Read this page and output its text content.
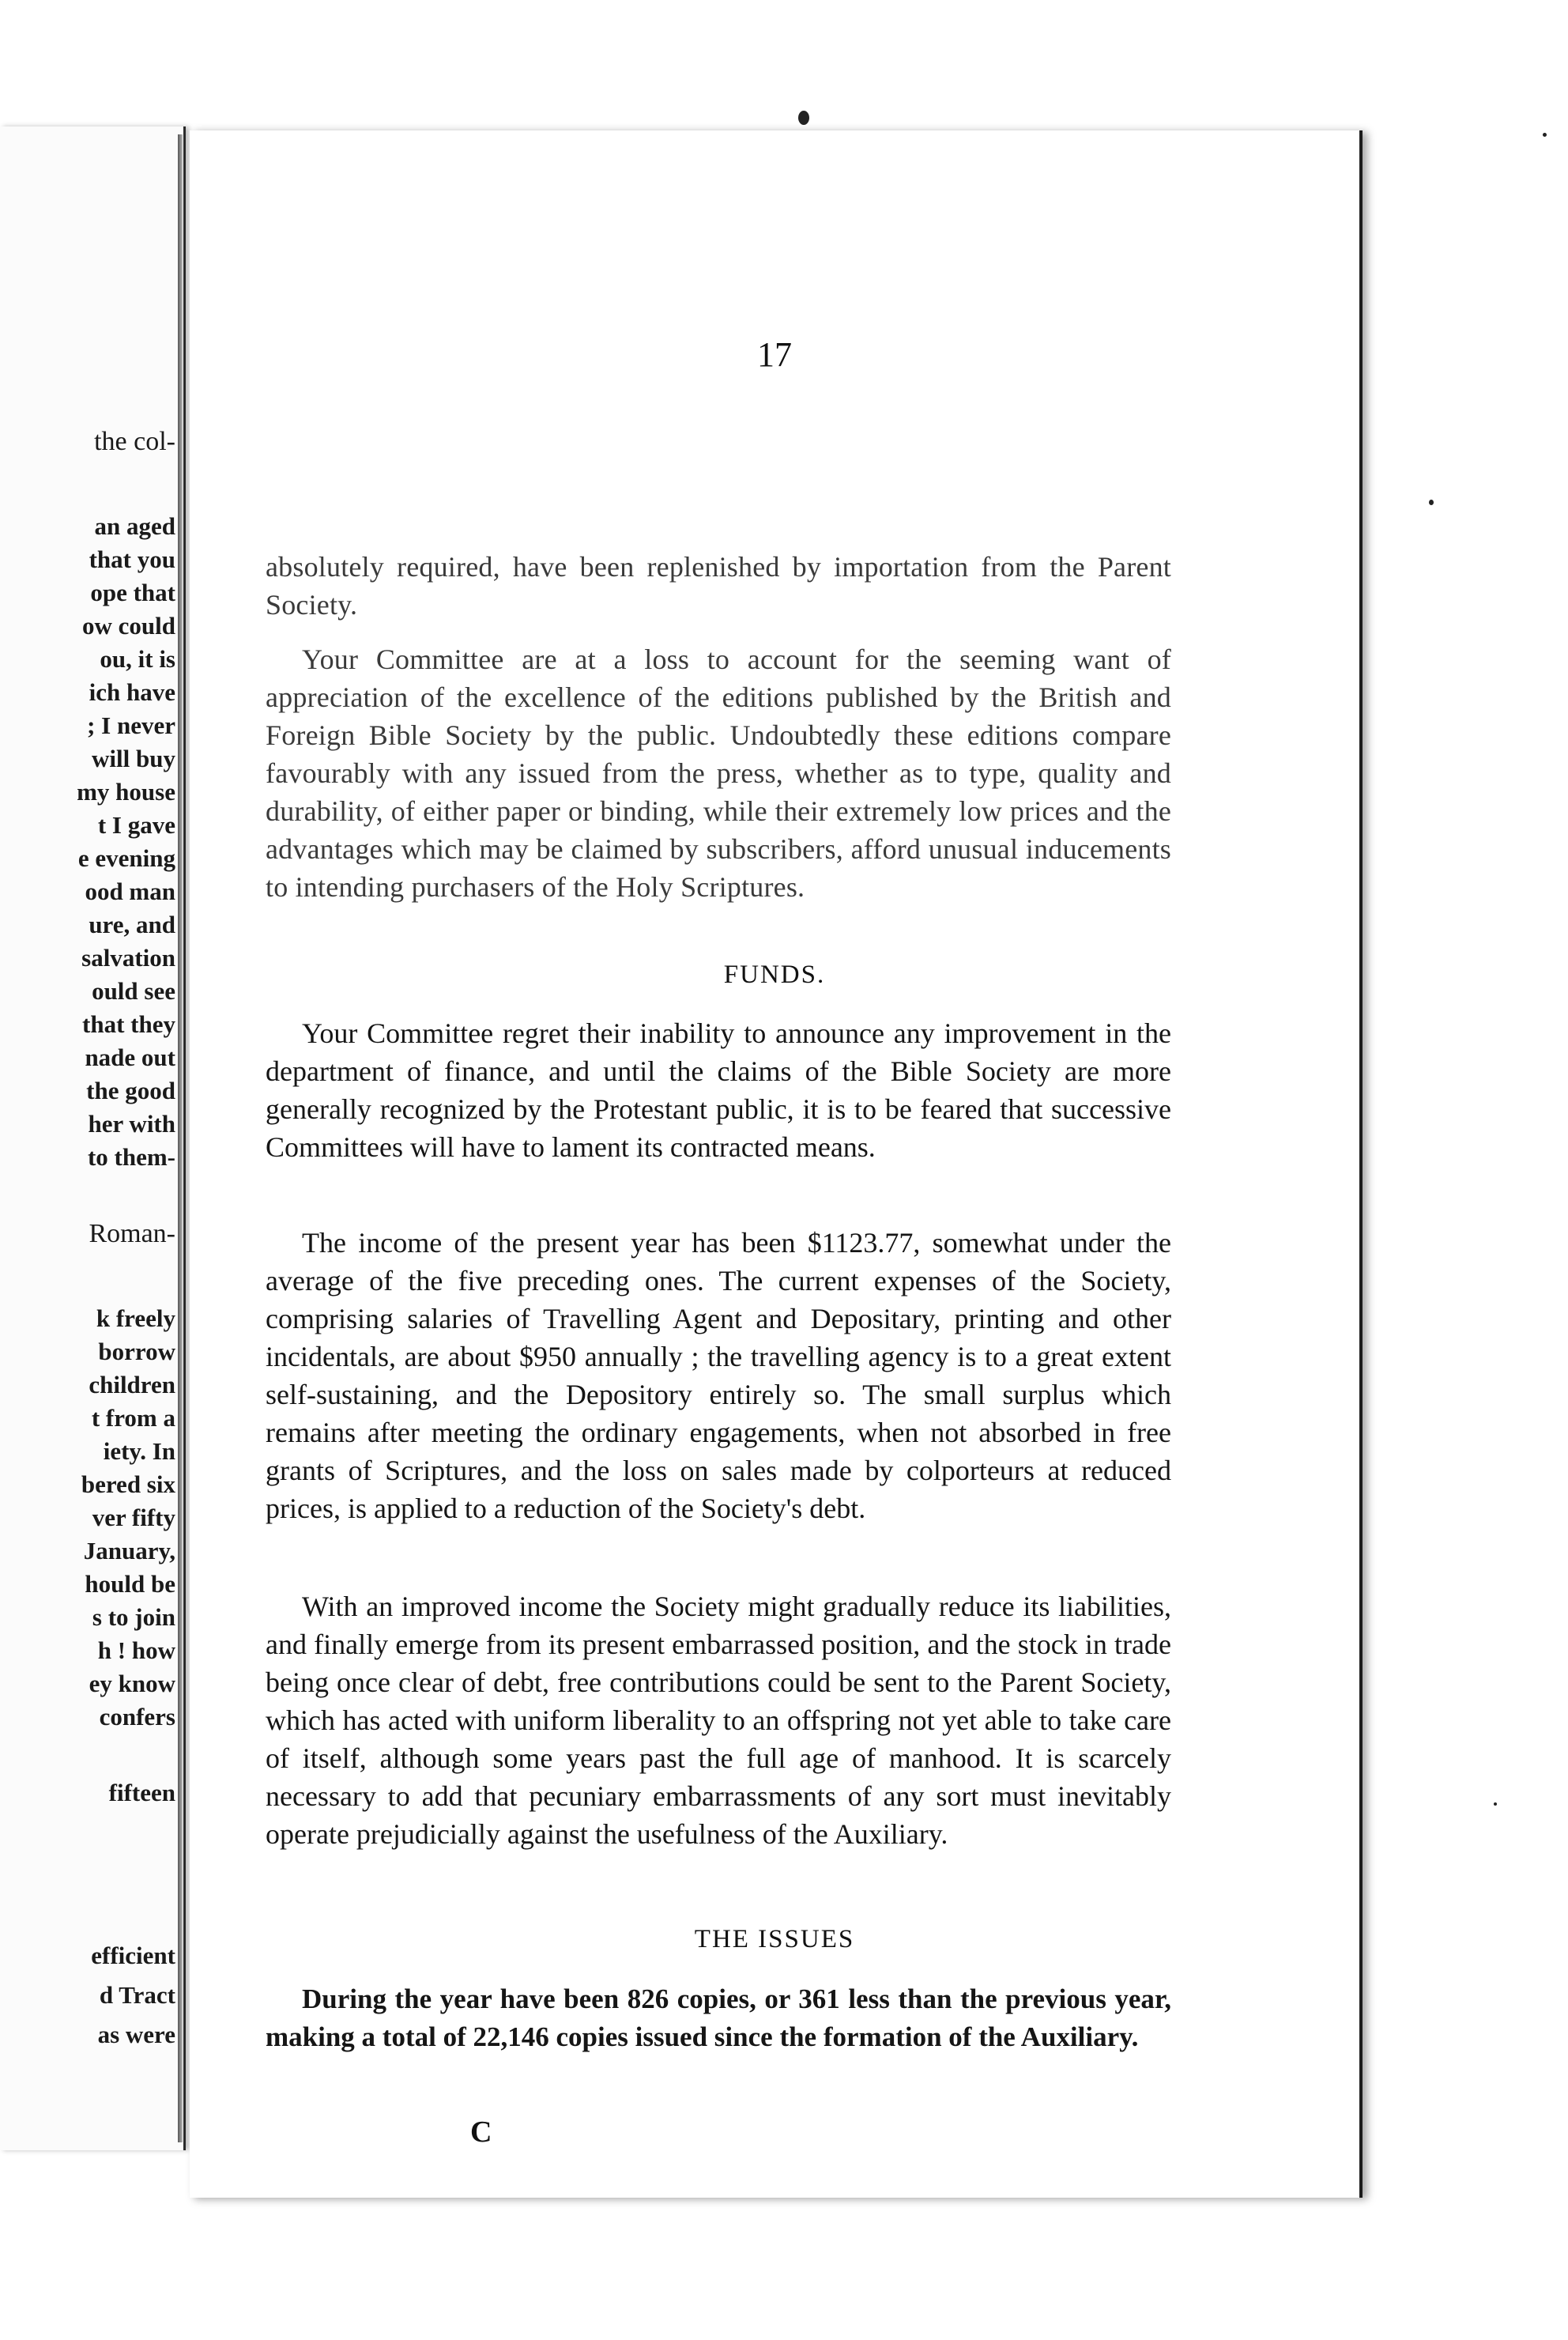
the col-

an aged

that you

ope that

ow could

ou, it is

ich have

; I never

will buy

my house

t I gave

e evening

ood man

ure, and

salvation

ould see

that they

nade out

the good

her with

to them-

Roman-

k freely

borrow

children

t from a

iety. In

bered six

ver fifty

January,

hould be

s to join

h ! how

ey know

confers

fifteen

efficient

d Tract

as were

17

absolutely required, have been replenished by importation from the Parent Society.

Your Committee are at a loss to account for the seeming want of appreciation of the excellence of the editions published by the British and Foreign Bible Society by the public. Undoubtedly these editions compare favourably with any issued from the press, whether as to type, quality and durability, of either paper or binding, while their extremely low prices and the advantages which may be claimed by subscribers, afford unusual inducements to intending purchasers of the Holy Scriptures.

FUNDS.

Your Committee regret their inability to announce any improvement in the department of finance, and until the claims of the Bible Society are more generally recognized by the Protestant public, it is to be feared that successive Committees will have to lament its contracted means.

The income of the present year has been $1123.77, somewhat under the average of the five preceding ones. The current expenses of the Society, comprising salaries of Travelling Agent and Depositary, printing and other incidentals, are about $950 annually ; the travelling agency is to a great extent self-sustaining, and the Depository entirely so. The small surplus which remains after meeting the ordinary engagements, when not absorbed in free grants of Scriptures, and the loss on sales made by colporteurs at reduced prices, is applied to a reduction of the Society's debt.

With an improved income the Society might gradually reduce its liabilities, and finally emerge from its present embarrassed position, and the stock in trade being once clear of debt, free contributions could be sent to the Parent Society, which has acted with uniform liberality to an offspring not yet able to take care of itself, although some years past the full age of manhood. It is scarcely necessary to add that pecuniary embarrassments of any sort must inevitably operate prejudicially against the usefulness of the Auxiliary.

THE ISSUES

During the year have been 826 copies, or 361 less than the previous year, making a total of 22,146 copies issued since the formation of the Auxiliary.

C
